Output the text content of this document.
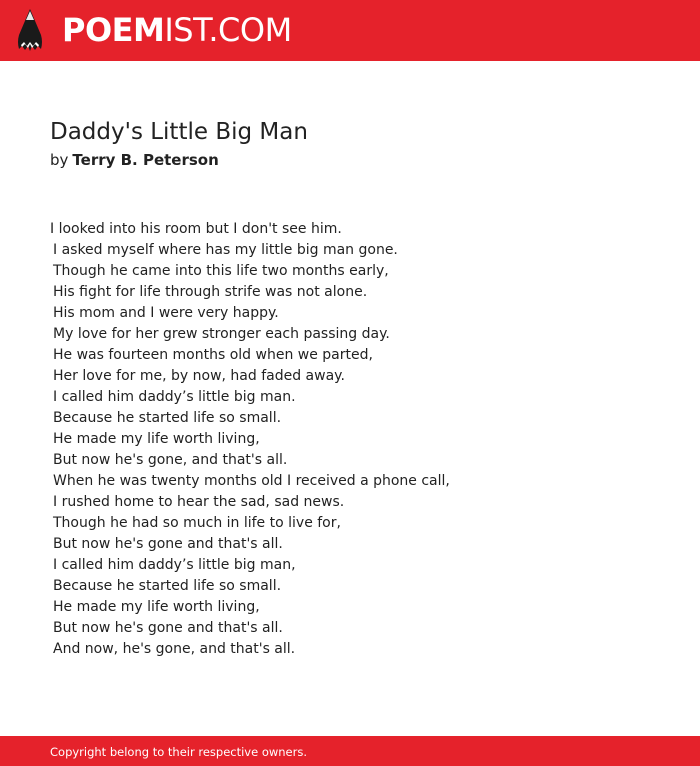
POEMIST.COM
Daddy's Little Big Man
by Terry B. Peterson
I looked into his room but I don't see him.
I asked myself where has my little big man gone.
Though he came into this life two months early,
His fight for life through strife was not alone.
His mom and I were very happy.
My love for her grew stronger each passing day.
He was fourteen months old when we parted,
Her love for me, by now, had faded away.
I called him daddy’s little big man.
Because he started life so small.
He made my life worth living,
But now he's gone, and that's all.
When he was twenty months old I received a phone call,
I rushed home to hear the sad, sad news.
Though he had so much in life to live for,
But now he's gone and that's all.
I called him daddy’s little big man,
Because he started life so small.
He made my life worth living,
But now he's gone and that's all.
And now, he's gone, and that's all.
Copyright belong to their respective owners.
